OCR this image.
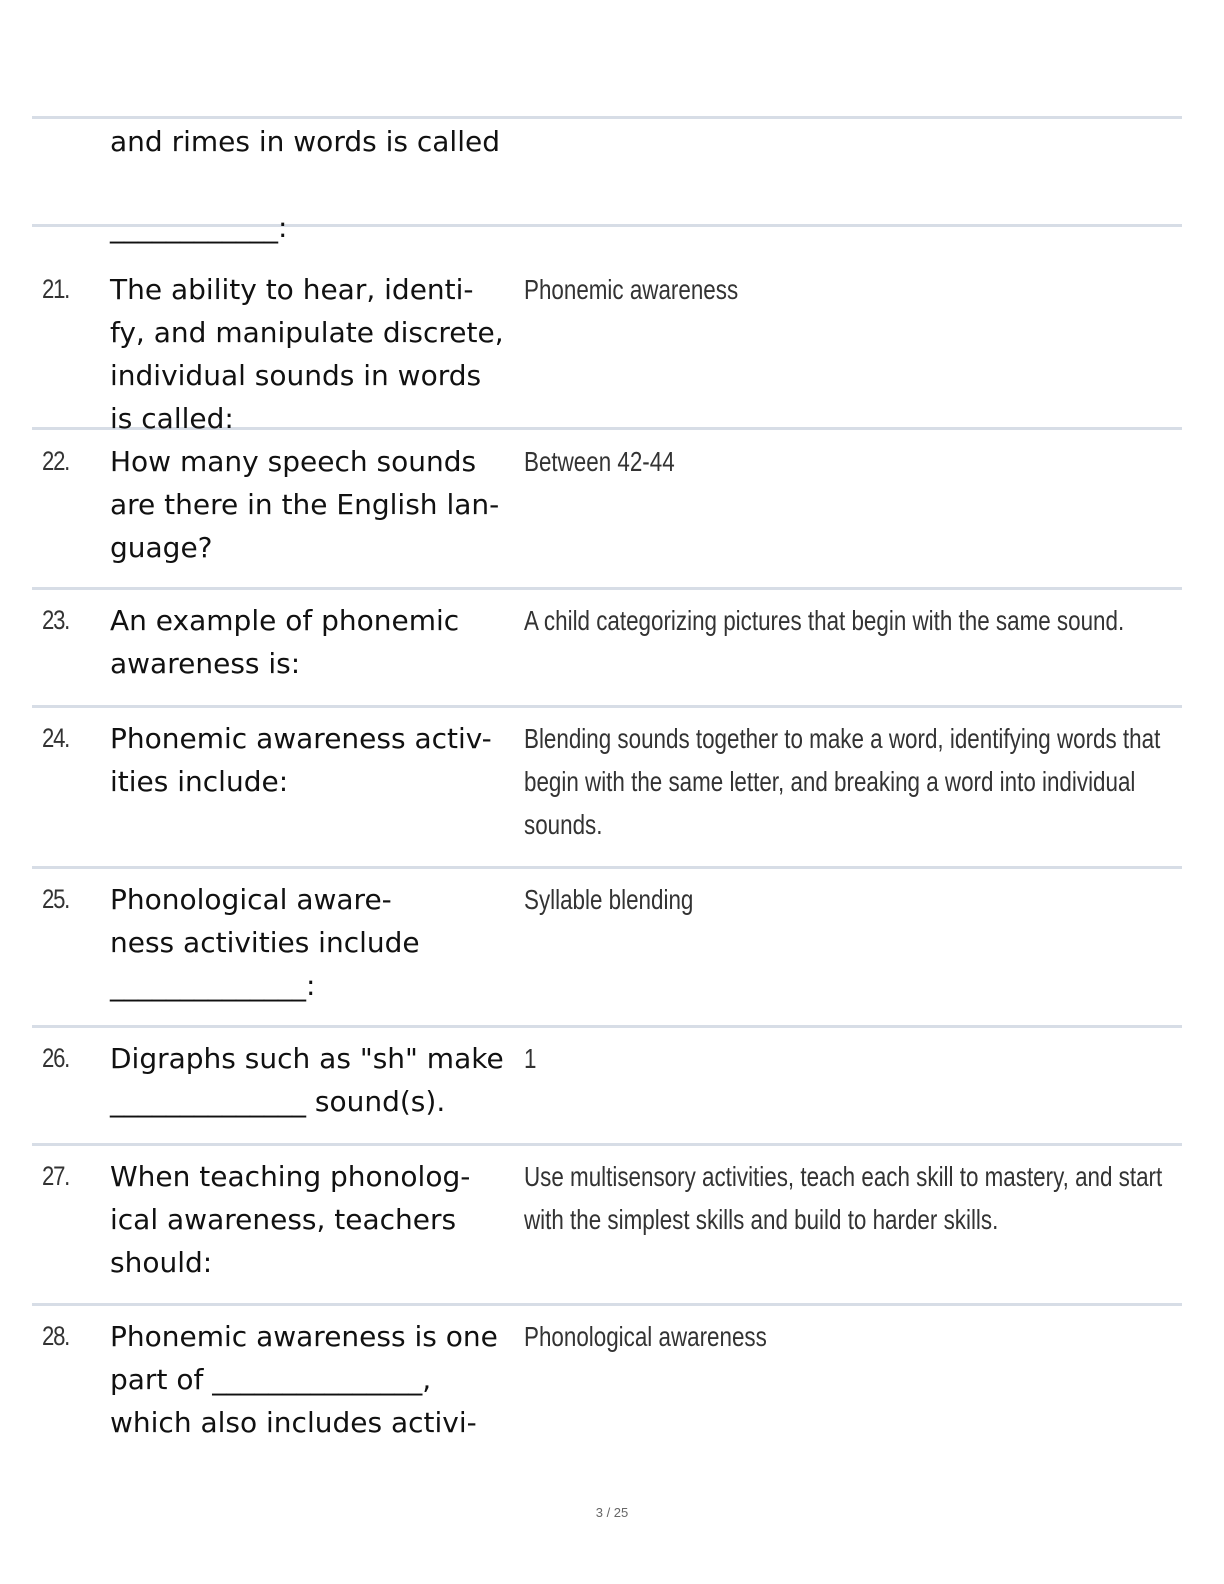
and rimes in words is called

____________:
21. The ability to hear, identi-
fy, and manipulate discrete,
individual sounds in words
is called:
Phonemic awareness
22. How many speech sounds
are there in the English lan-
guage?
Between 42-44
23. An example of phonemic
awareness is:
A child categorizing pictures that begin with the same sound.
24. Phonemic awareness activ-
ities include:
Blending sounds together to make a word, identifying words that
begin with the same letter, and breaking a word into individual
sounds.
25. Phonological aware-
ness activities include
______________:
Syllable blending
26. Digraphs such as "sh" make
______________ sound(s).
1
27. When teaching phonolog-
ical awareness, teachers
should:
Use multisensory activities, teach each skill to mastery, and start
with the simplest skills and build to harder skills.
28. Phonemic awareness is one
part of _______________,
which also includes activi-
Phonological awareness
3 / 25
